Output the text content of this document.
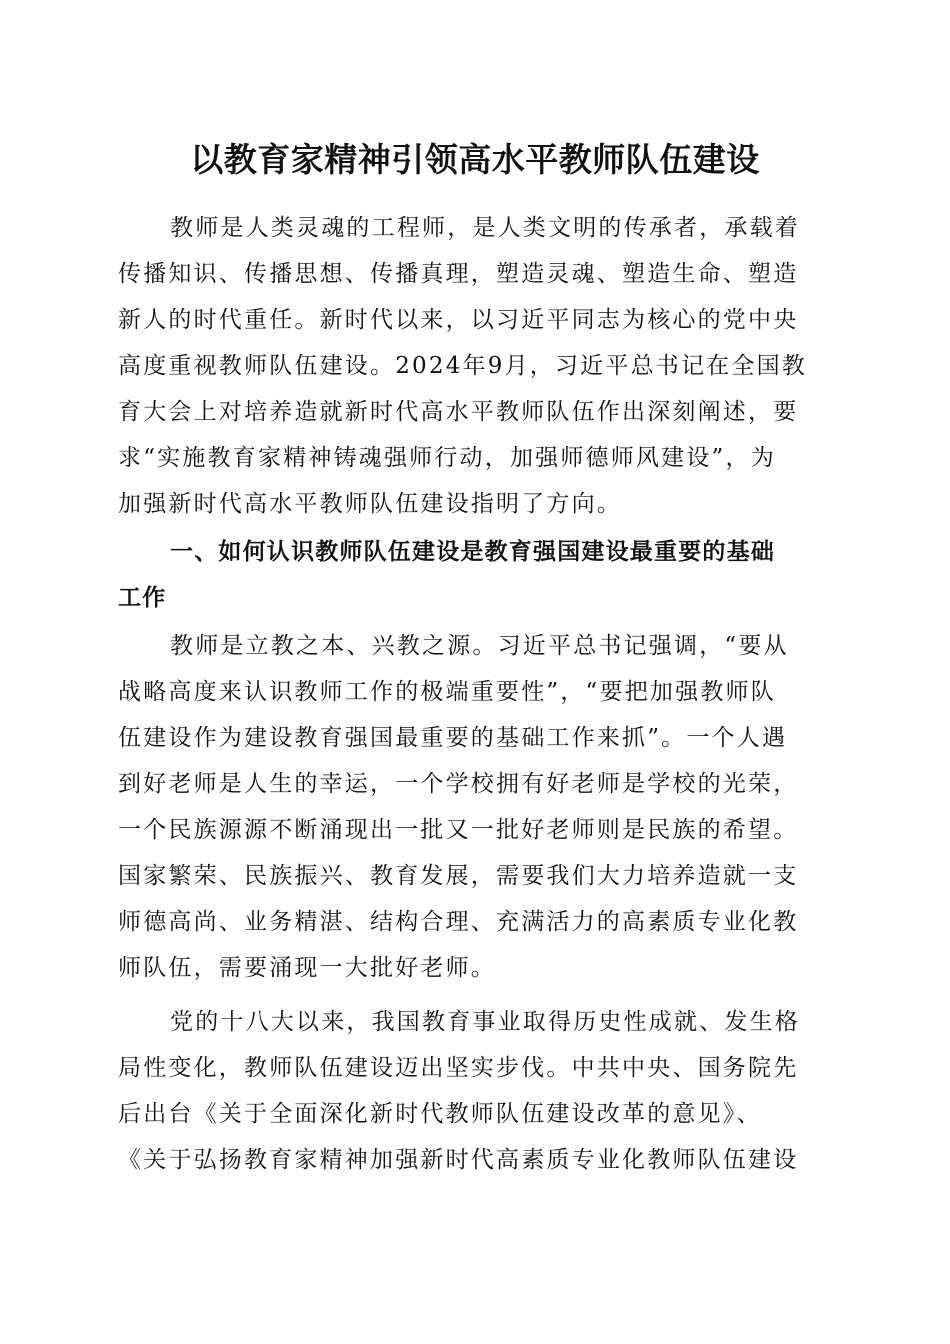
以教育家精神引领高水平教师队伍建设
教师是人类灵魂的工程师，是人类文明的传承者，承载着
传播知识、传播思想、传播真理，塑造灵魂、塑造生命、塑造
新人的时代重任。新时代以来，以习近平同志为核心的党中央
高度重视教师队伍建设。2024年9月，习近平总书记在全国教
育大会上对培养造就新时代高水平教师队伍作出深刻阐述，要
求“实施教育家精神铸魂强师行动，加强师德师风建设”，为
加强新时代高水平教师队伍建设指明了方向。
一、如何认识教师队伍建设是教育强国建设最重要的基础
工作
教师是立教之本、兴教之源。习近平总书记强调，“要从
战略高度来认识教师工作的极端重要性”，“要把加强教师队
伍建设作为建设教育强国最重要的基础工作来抓”。一个人遇
到好老师是人生的幸运，一个学校拥有好老师是学校的光荣，
一个民族源源不断涌现出一批又一批好老师则是民族的希望。
国家繁荣、民族振兴、教育发展，需要我们大力培养造就一支
师德高尚、业务精湛、结构合理、充满活力的高素质专业化教
师队伍，需要涌现一大批好老师。
党的十八大以来，我国教育事业取得历史性成就、发生格
局性变化，教师队伍建设迈出坚实步伐。中共中央、国务院先
后出台《关于全面深化新时代教师队伍建设改革的意见》、
《关于弘扬教育家精神加强新时代高素质专业化教师队伍建设
